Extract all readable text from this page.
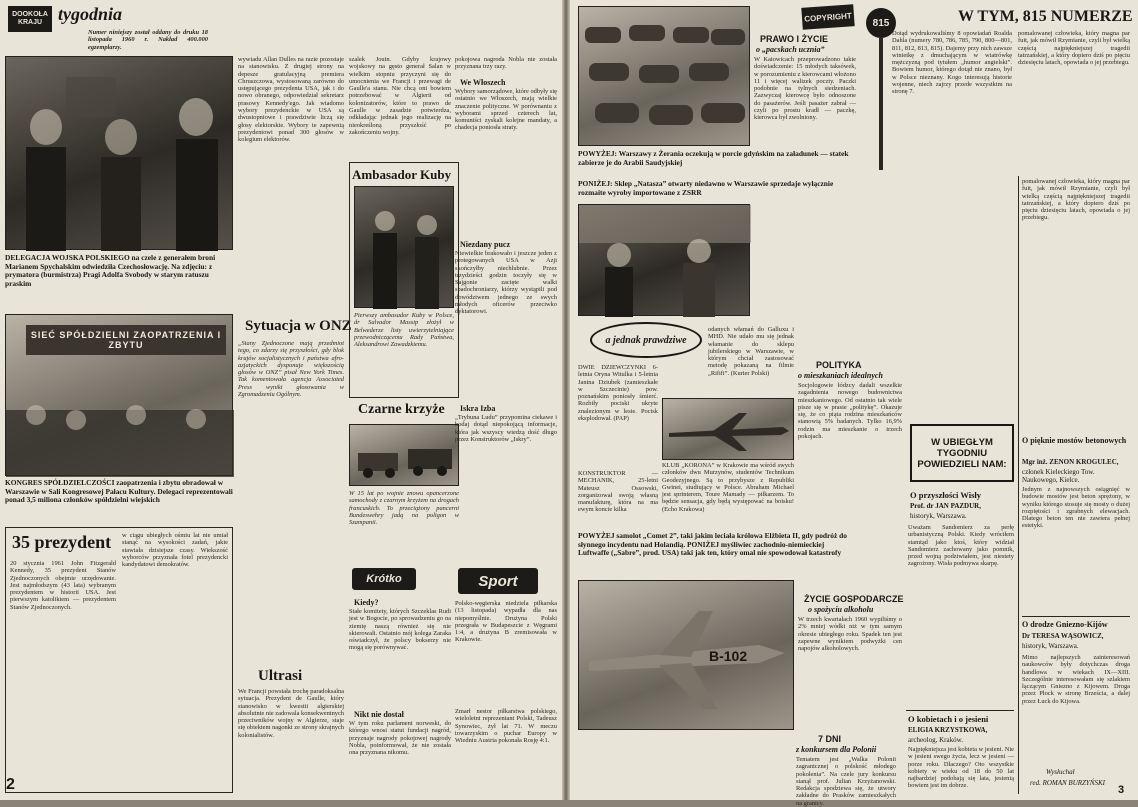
DOOKOŁA KRAJU tygodnia
Numer niniejszy został oddany do druku 18 listopada 1960 r. Nakład 400.000 egzemplarzy.
DELEGACJA WOJSKA POLSKIEGO na czele z generałem broni Marianem Spychalskim odwiedziła Czechosłowację. Na zdjęciu: z prymatora (burmistrza) Pragi Adolfa Svobody w starym ratuszu praskim
SIEĆ SPÓŁDZIELNI ZAOPATRZENIA I ZBYTU
KONGRES SPÓŁDZIELCZOŚCI zaopatrzenia i zbytu obradował w Warszawie w Sali Kongresowej Pałacu Kultury. Delegaci reprezentowali ponad 3,5 miliona członków spółdzielni wiejskich
wywiadu Allan Dulles na razie pozostaje na stanowisku. Z drugiej strony na depesze gratulacyjną premiera Chruszczowa, wystosowaną zarówno do ustępującego prezydenta USA, jak i do nowo obranego, odpowiedział sekretarz prasowy Kennedy'ego. Jak wiadomo wybory prezydenckie w USA są dwustopniowe i prawdziwie liczą się głosy elektorskie. Wybory te zapewnią prezydentowi ponad 300 głosów w kolegium elektorów.
Sytuacja w ONZ
„Stany Zjednoczone mają przedmiot tego, co zdarzy się przyszłości, gdy blok krajów socjalistycznych i państwa afro-azjatyckich dysponuje większością głosów w ONZ” pisał New York Times. Tak komentowała agencja Associated Press wyniki głosowania w Zgromadzeniu Ogólnym.
Ultrasi
We Francji powstała trochę paradoksalna sytuacja. Prezydent de Gaulle, który stanowisko w kwestii algierskiej absolutnie nie zadowala konsekwentnych przeciwników wojny w Algierze, staje się obiektem nagonki ze strony skrajnych kolonialistów.
35 prezydent
20 stycznia 1961 John Fitzgerald Kennedy, 35 prezydent Stanów Zjednoczonych obejmie urzędowanie. Jest najmłodszym (43 lata) wybranym prezydentem w historii USA. Jest pierwszym katolikiem — prezydentem Stanów Zjednoczonych.
w ciągu ubiegłych ośmiu lat nie umiał stanąć na wysokości zadań, jakie stawiała dzisiejsze czasy. Wiekszość wyborców przyznała fotel prezydencki kandydatowi demokratów.
2
szalek Jouin. Gdyby krajowy wojskowy na gęsto generał Salan w wielkim stopniu przyczyni się do umocnienia we Francji i przewagi de Gaulle'a stanu. Nie chcą oni bowiem potrzebować w Algierii od kolonizatorów, które to prawo de Gaulle w zasadzie potwierdza, odkładając jednak jego realizację na nieokreśloną przyszłość po zakończeniu wojny.
Ambasador Kuby
Pierwszy ambasador Kuby w Polsce, dr Salvador Massip złożył w Belwederze listy uwierzytelniające przewodniczącemu Rady Państwa, Aleksandrowi Zawadzkiemu.
Czarne krzyże
W 15 lat po wojnie znowu opancerzone samochody z czarnym krzyżem na drogach francuskich. To przeciążony pancerni Bundeswehry jadą na poligon w Szampanii.
Krótko
Kiedy?
Stałe komitety, których Szczeklas Rudi jest w Bogocie, po sprowadzeniu go na ziemię naszą również się nie skierowali. Ostatnio mój kolega Zaraka oświadczył, że polscy bokserzy nie mogą się porównywać.
Nikt nie dostał
W tym roku parlament norweski, do którego wnosi statut fundacji nagród, przyznaje nagrody pokojowej nagrody Nobla, poinformował, że nie została ona przyznana nikomu.
pokojowa nagroda Nobla nie została przyznana trzy razy.
We Włoszech
Wybory samorządowe, które odbyły się ostatnio we Włoszech, mają wielkie znaczenie polityczne. W porównaniu z wyborami sprzed czterech lat, komuniści zyskali kolejne mandaty, a chadecja poniosła straty.
Niezdany pucz
Niewielkie brakowało i jeszcze jeden z protegowanych USA w Azji skończyłby niechlubnie. Przez trzydzieści godzin toczyły się w Sajgonie zacięte walki spadochroniarzy, którzy wystąpili pod dowództwem jednego ze swych młodych oficerów przeciwko dyktatorowi.
Iskra Izba
„Trybuna Ludu” przypomina ciekawe i bodaj dotąd niepokojącą informacje, która jak wszyscy wiedzą dość długo przez Konstruktorów „Iskry”.
Sport
Polsko-węgierska niedziela piłkarska (13 listopada) wypadła dla nas niepomyślnie. Drużyna Polski przegrała w Budapeszcie z Węgrami 1:4, a drużyna B zremisowała w Krakowie.
Zmarł nestor piłkarstwa polskiego, wieloletni reprezentant Polski, Tadeusz Synowiec, żył lat 71. W meczu towarzyskim o puchar Europy w Wiedniu Austria pokonała Rosję 4:1.
POWYŻEJ: Warszawy z Żerania oczekują w porcie gdyńskim na załadunek — statek zabierze je do Arabii Saudyjskiej
PONIŻEJ: Sklep „Natasza” otwarty niedawno w Warszawie sprzedaje wyłącznie rozmaite wyroby importowane z ZSRR
COPYRIGHT
PRAWO I ŻYCIE
o „pacskach ucznia”
W Katowicach przeprowadzono takie doświadczenie: 15 młodych taksówek, w porozumieniu z kierowcami włożono 11 i więcej walizek poczty. Paczki podobnie na tylnych siedzeniach. Zazwyczaj kierowcę było odnoszone do pasażerów. Jeśli pasażer zabrał — czyli po prostu kradł — paczkę, kierowca był zwolniony.
815	W TYM, 815 NUMERZE
Dotąd wydrukowaliśmy 8 opowiadań Roalda Dahla (numery 780, 786, 785, 790, 800—801, 811, 812, 813, 815). Dajemy przy nich zawsze winietkę z dmuchającym w wiatrówkę mężczyzną pod tytułem „humor angielski”. Bowiem humor, którego dotąd nie znano, był w Polsce nieznany. Kogo interesują historie wojenne, niech zajrzy przede wszystkim na stronę 7.
pomalowanej człowieka, który magna par fuit, jak mówił Rzymianie, czyli był wielką częścią najpiękniejszej tragedii tatrzańskiej, a który dopiero dziś po pięciu dziesięciu latach, opowiada o jej przebiegu.
a jednak prawdziwe
DWIE DZIEWCZYNKI 6-letnia Oryna Witulka i 5-letnia Janina Dziubek (zamieszkałe w Szczecinie) pow. poznańskim poniosły śmierć. Rozbiły pociski ukryte znalezionym w lesie. Pocisk eksplodował. (PAP)
KONSTRUKTOR — MECHANIK, 25-letni Mateusz Ossowski, zorganizował swoją własną manufakturę, która na ma ewym koncie kilka
odanych włamań do Galluxu i MHD. Nie udało mu się jednak włamanie do sklepu jubilerskiego w Warszawie, w którym chciał zastosować metodę pokazaną na filmie „Rififi”. (Kurier Polski)
KLUB „KORONA” w Krakowie ma wśród swych członków dwu Murzynów, studentów Technikum Geodezyjnego. Są to przybysze z Republiki Gwinei, studiujący w Polsce. Abraham Michael jest sprinterem, Toure Mamady — piłkarzem. To będzie sensacja, gdy będą występować na boisku! (Echo Krakowa)
B-102
POWYŻEJ samolot „Comet 2”, taki jakim leciała królowa Elżbieta II, gdy podróż do słynnego incydentu nad Holandią. PONIŻEJ myśliwiec zachodnio-niemieckiej Luftwaffe („Sabre”, prod. USA) taki jak ten, który omal nie spowodował katastrofy
7 DNI
z konkursem dla Polonii
Tematem jest „Walka Polonii zagranicznej o polskość młodego pokolenia”. Na czele jury konkursu stanął prof. Julian Krzyżanowski. Redakcja spodziewa się, że utwory zakładne do Prasków zamieszkałych na granicy.
POLITYKA
o mieszkaniach idealnych
Socjologowie łódzcy dadali wszelkie zagadnienia nowego budownictwa mieszkaniowego. Od ostatnio tak wiele pisze się w prasie „politykę”. Okazuje się, że co piąta rodzina mieszkańców stanowią 5% badanych. Tylko 16,9% rodzin ma mieszkanie o trzech pokojach.
ŻYCIE GOSPODARCZE
o spożyciu alkoholu
W trzech kwartałach 1960 wypiliśmy o 2% mniej wódki niż w tym samym okresie ubiegłego roku. Spadek ten jest zapewne wynikiem podwyżki cen napojów alkoholowych.
O kobietach i o jesieni
ELIGIA KRZYSTKOWA,
archeolog, Kraków.
Najpiękniejsza jest kobieta w jesieni. Nie w jesieni swego życia, lecz w jesieni — porze roku. Dlaczego? Oto wszystkie kobiety w wieku od 18 do 50 lat najbardziej podobają się lata, jesienią bowiem jest im dobrze.
W UBIEGŁYM TYGODNIU POWIEDZIELI NAM:
O przyszłości Wisły
Prof. dr JAN PAZDUR,
historyk, Warszawa.
Uważam Sandomierz za perłę urbanistyczną Polski. Kiedy wróciłem stamtąd jako ktoś, który widział Sandomierz zachowany jako pomnik, przed wojną podziwiałem, jest niestety zagrożony. Wisła podmywa skarpę.
O pięknie mostów betonowych
Mgr inż. ZENON KROGULEC,
członek Kieleckiego Tow. Naukowego, Kielce.
Jednym z najnowszych osiągnięć w budowie mostów jest beton sprężony, w wyniku którego stosuje się mosty o dużej rozpiętości i zgrabnych elewacjach. Dlatego beton ten nie zawiera pełnej estetyki.
O drodze Gniezno-Kijów
Dr TERESA WĄSOWICZ,
historyk, Warszawa.
Mimo najlepszych zainteresowań naukowców były dotychczas droga handlowa w wiekach IX—XIII. Szczególnie interesowałam się szlakiem łączącym Gniezno z Kijowem. Droga przez Płock w stronę Brześcia, a dalej przez Łuck do Kijowa.
Wysłuchał
red. ROMAN BURZYŃSKI
pomalowanej człowieka, który magna par fuit, jak mówił Rzymianie, czyli był wielką częścią najpiękniejszej tragedii tatrzańskiej, a który dopiero dziś po pięciu dziesięciu latach, opowiada o jej przebiegu.
3
